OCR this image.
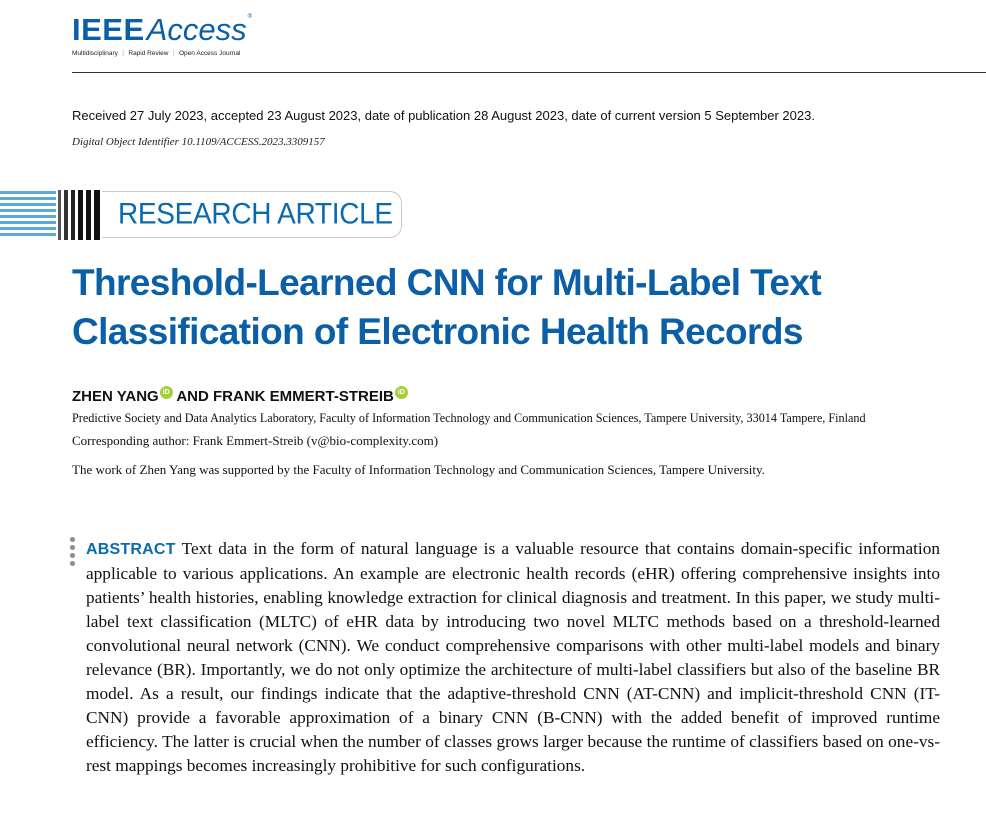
IEEEAccess®
Multidisciplinary ⋮ Rapid Review ⋮ Open Access Journal
Received 27 July 2023, accepted 23 August 2023, date of publication 28 August 2023, date of current version 5 September 2023.
Digital Object Identifier 10.1109/ACCESS.2023.3309157
RESEARCH ARTICLE
Threshold-Learned CNN for Multi-Label Text Classification of Electronic Health Records
ZHEN YANG iD AND FRANK EMMERT-STREIB iD
Predictive Society and Data Analytics Laboratory, Faculty of Information Technology and Communication Sciences, Tampere University, 33014 Tampere, Finland
Corresponding author: Frank Emmert-Streib (v@bio-complexity.com)
The work of Zhen Yang was supported by the Faculty of Information Technology and Communication Sciences, Tampere University.

ABSTRACT Text data in the form of natural language is a valuable resource that contains domain-specific information applicable to various applications. An example are electronic health records (eHR) offering comprehensive insights into patients’ health histories, enabling knowledge extraction for clinical diagnosis and treatment. In this paper, we study multi-label text classification (MLTC) of eHR data by introducing two novel MLTC methods based on a threshold-learned convolutional neural network (CNN). We conduct comprehensive comparisons with other multi-label models and binary relevance (BR). Importantly, we do not only optimize the architecture of multi-label classifiers but also of the baseline BR model. As a result, our findings indicate that the adaptive-threshold CNN (AT-CNN) and implicit-threshold CNN (IT-CNN) provide a favorable approximation of a binary CNN (B-CNN) with the added benefit of improved runtime efficiency. The latter is crucial when the number of classes grows larger because the runtime of classifiers based on one-vs-rest mappings becomes increasingly prohibitive for such configurations.
